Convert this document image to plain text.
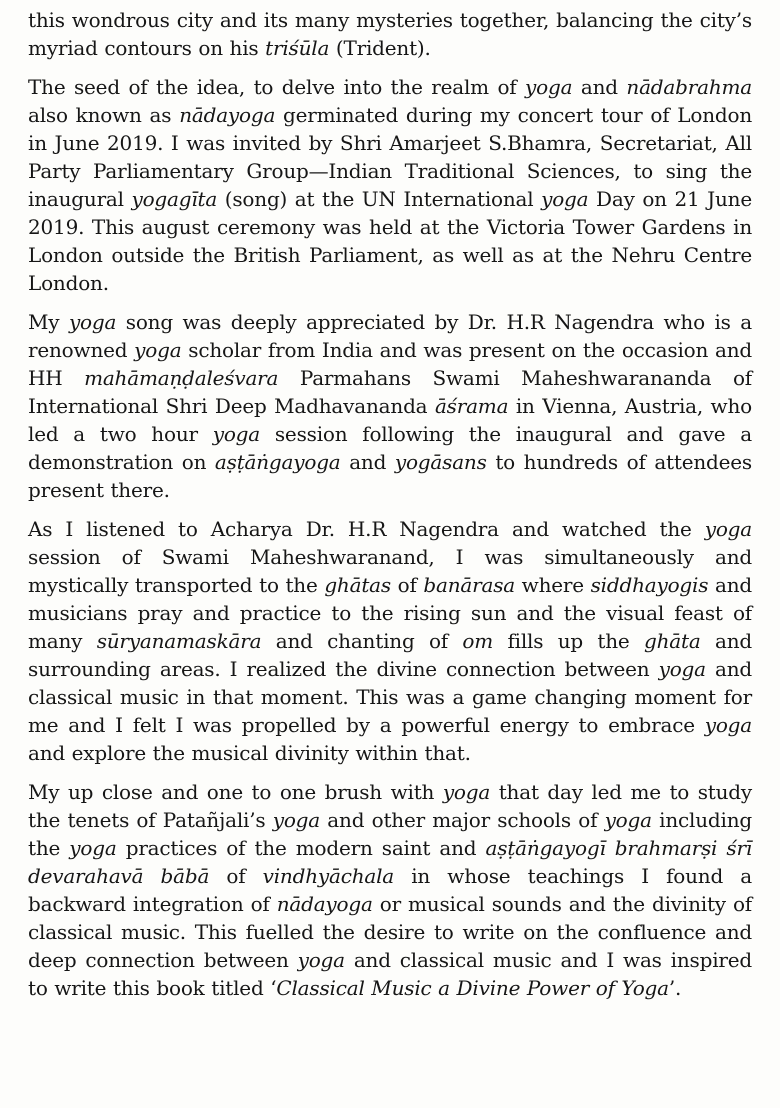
this wondrous city and its many mysteries together, balancing the city’s myriad contours on his triśūla (Trident).

The seed of the idea, to delve into the realm of yoga and nādabrahma also known as nādayoga germinated during my concert tour of London in June 2019. I was invited by Shri Amarjeet S.Bhamra, Secretariat, All Party Parliamentary Group—Indian Traditional Sciences, to sing the inaugural yogagīta (song) at the UN International yoga Day on 21 June 2019. This august ceremony was held at the Victoria Tower Gardens in London outside the British Parliament, as well as at the Nehru Centre London.

My yoga song was deeply appreciated by Dr. H.R Nagendra who is a renowned yoga scholar from India and was present on the occasion and HH mahāmaṇḍaleśvara Parmahans Swami Maheshwarananda of International Shri Deep Madhavananda āśrama in Vienna, Austria, who led a two hour yoga session following the inaugural and gave a demonstration on aṣṭāṅgayoga and yogāsans to hundreds of attendees present there.

As I listened to Acharya Dr. H.R Nagendra and watched the yoga session of Swami Maheshwaranand, I was simultaneously and mystically transported to the ghātas of banārasa where siddhayogis and musicians pray and practice to the rising sun and the visual feast of many sūryanamaskāra and chanting of om fills up the ghāta and surrounding areas. I realized the divine connection between yoga and classical music in that moment. This was a game changing moment for me and I felt I was propelled by a powerful energy to embrace yoga and explore the musical divinity within that.

My up close and one to one brush with yoga that day led me to study the tenets of Patañjali’s yoga and other major schools of yoga including the yoga practices of the modern saint and aṣṭāṅgayogī brahmarṣi śrī devarahavā bābā of vindhyāchala in whose teachings I found a backward integration of nādayoga or musical sounds and the divinity of classical music. This fuelled the desire to write on the confluence and deep connection between yoga and classical music and I was inspired to write this book titled ‘Classical Music a Divine Power of Yoga’.
